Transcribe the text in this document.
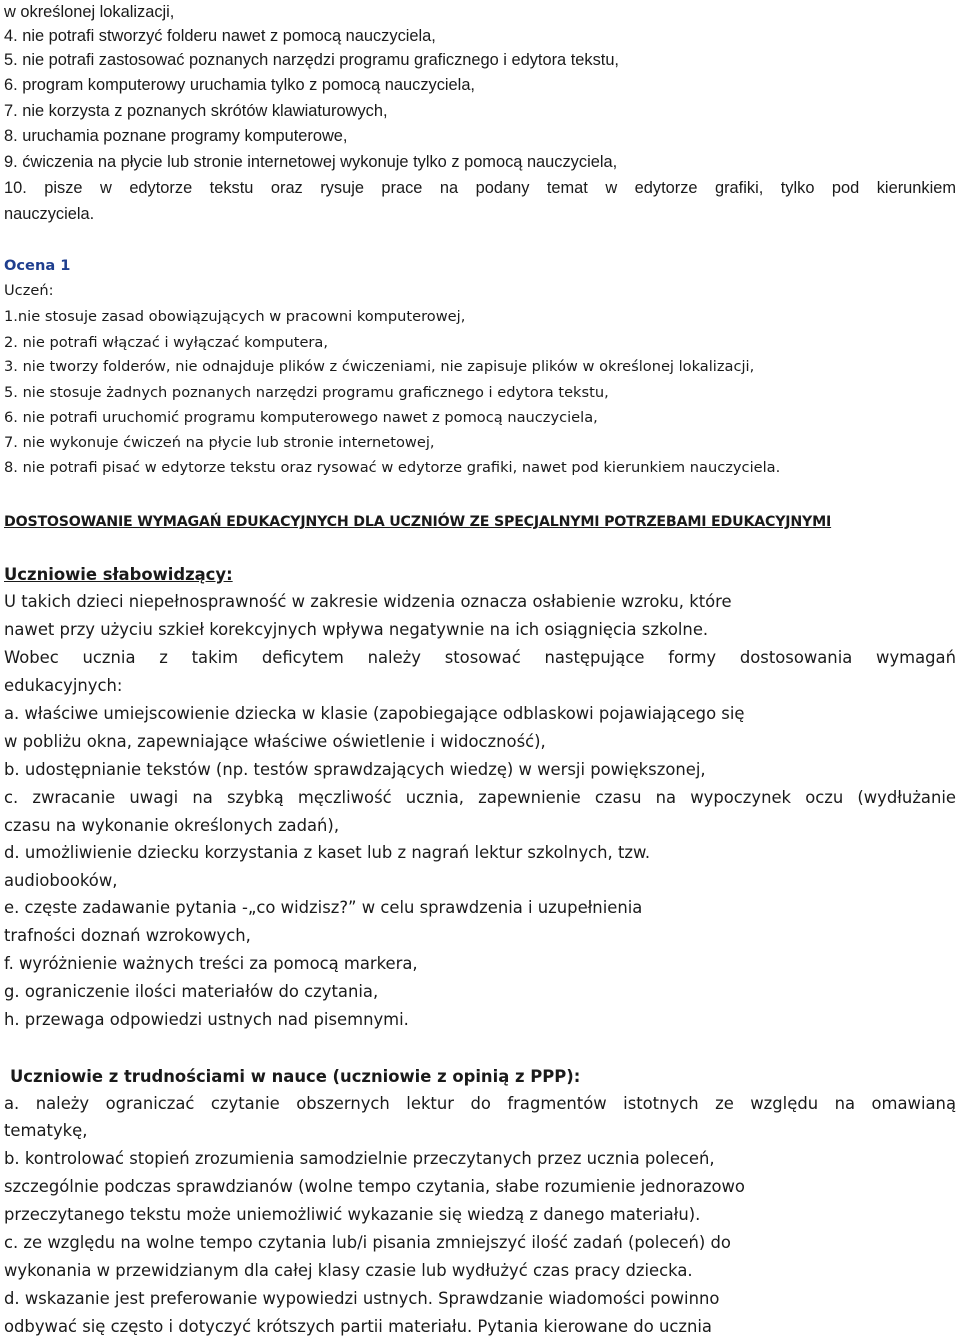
w określonej lokalizacji,

4. nie potrafi stworzyć folderu nawet z pomocą nauczyciela,

5. nie potrafi zastosować poznanych narzędzi programu graficznego i edytora tekstu,

6. program komputerowy uruchamia tylko z pomocą nauczyciela,

7. nie korzysta z poznanych skrótów klawiaturowych,

8. uruchamia poznane programy komputerowe,

9. ćwiczenia na płycie lub stronie internetowej wykonuje tylko z pomocą nauczyciela,

10. pisze w edytorze tekstu oraz rysuje prace na podany temat w edytorze grafiki, tylko pod kierunkiem

nauczyciela.

Ocena 1

Uczeń:

1.nie stosuje zasad obowiązujących w pracowni komputerowej,

2. nie potrafi włączać i wyłączać komputera,

3. nie tworzy folderów, nie odnajduje plików z ćwiczeniami, nie zapisuje plików w określonej lokalizacji,

5. nie stosuje żadnych poznanych narzędzi programu graficznego i edytora tekstu,

6. nie potrafi uruchomić programu komputerowego nawet z pomocą nauczyciela,

7. nie wykonuje ćwiczeń na płycie lub stronie internetowej,

8. nie potrafi pisać w edytorze tekstu oraz rysować w edytorze grafiki, nawet pod kierunkiem nauczyciela.

DOSTOSOWANIE WYMAGAŃ EDUKACYJNYCH DLA UCZNIÓW ZE SPECJALNYMI POTRZEBAMI EDUKACYJNYMI

Uczniowie słabowidzący:

U takich dzieci niepełnosprawność w zakresie widzenia oznacza osłabienie wzroku, które

nawet przy użyciu szkieł korekcyjnych wpływa negatywnie na ich osiągnięcia szkolne.

Wobec ucznia z takim deficytem należy stosować następujące formy dostosowania wymagań

edukacyjnych:

a. właściwe umiejscowienie dziecka w klasie (zapobiegające odblaskowi pojawiającego się

w pobliżu okna, zapewniające właściwe oświetlenie i widoczność),

b. udostępnianie tekstów (np. testów sprawdzających wiedzę) w wersji powiększonej,

c. zwracanie uwagi na szybką męczliwość ucznia, zapewnienie czasu na wypoczynek oczu (wydłużanie

czasu na wykonanie określonych zadań),

d. umożliwienie dziecku korzystania z kaset lub z nagrań lektur szkolnych, tzw.

audiobooków,

e. częste zadawanie pytania -„co widzisz?” w celu sprawdzenia i uzupełnienia

trafności doznań wzrokowych,

f. wyróżnienie ważnych treści za pomocą markera,

g. ograniczenie ilości materiałów do czytania,

h. przewaga odpowiedzi ustnych nad pisemnymi.

Uczniowie z trudnościami w nauce (uczniowie z opinią z PPP):

a. należy ograniczać czytanie obszernych lektur do fragmentów istotnych ze względu na omawianą

tematykę,

b. kontrolować stopień zrozumienia samodzielnie przeczytanych przez ucznia poleceń,

szczególnie podczas sprawdzianów (wolne tempo czytania, słabe rozumienie jednorazowo

przeczytanego tekstu może uniemożliwić wykazanie się wiedzą z danego materiału).

c. ze względu na wolne tempo czytania lub/i pisania zmniejszyć ilość zadań (poleceń) do

wykonania w przewidzianym dla całej klasy czasie lub wydłużyć czas pracy dziecka.

d. wskazanie jest preferowanie wypowiedzi ustnych. Sprawdzanie wiadomości powinno

odbywać się często i dotyczyć krótszych partii materiału. Pytania kierowane do ucznia
